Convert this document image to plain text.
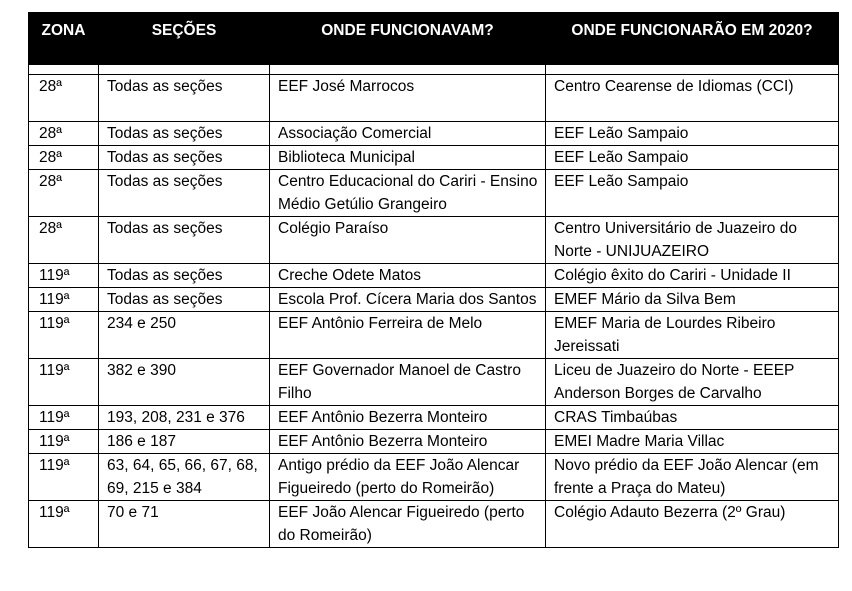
ZONA	SEÇÕES	ONDE FUNCIONAVAM?	ONDE FUNCIONARÃO EM 2020?

28ª	Todas as seções	EEF José Marrocos	Centro Cearense de Idiomas (CCI)
28ª	Todas as seções	Associação Comercial	EEF Leão Sampaio
28ª	Todas as seções	Biblioteca Municipal	EEF Leão Sampaio
28ª	Todas as seções	Centro Educacional do Cariri - Ensino Médio Getúlio Grangeiro	EEF Leão Sampaio
28ª	Todas as seções	Colégio Paraíso	Centro Universitário de Juazeiro do Norte - UNIJUAZEIRO
119ª	Todas as seções	Creche Odete Matos	Colégio êxito do Cariri - Unidade II
119ª	Todas as seções	Escola Prof. Cícera Maria dos Santos	EMEF Mário da Silva Bem
119ª	234 e 250	EEF Antônio Ferreira de Melo	EMEF Maria de Lourdes Ribeiro Jereissati
119ª	382 e 390	EEF Governador Manoel de Castro Filho	Liceu de Juazeiro do Norte - EEEP Anderson Borges de Carvalho
119ª	193, 208, 231 e 376	EEF Antônio Bezerra Monteiro	CRAS Timbaúbas
119ª	186 e 187	EEF Antônio Bezerra Monteiro	EMEI Madre Maria Villac
119ª	63, 64, 65, 66, 67, 68, 69, 215 e 384	Antigo prédio da EEF João Alencar Figueiredo (perto do Romeirão)	Novo prédio da EEF João Alencar (em frente a Praça do Mateu)
119ª	70 e 71	EEF João Alencar Figueiredo (perto do Romeirão)	Colégio Adauto Bezerra (2º Grau)
